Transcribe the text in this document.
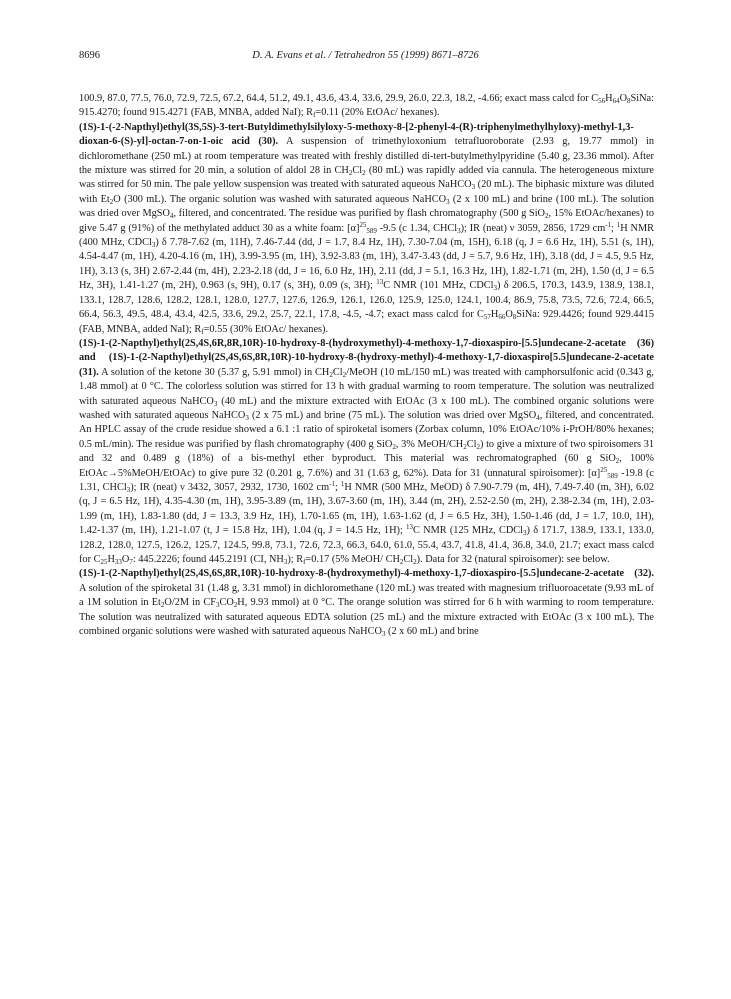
8696	D. A. Evans et al. / Tetrahedron 55 (1999) 8671–8726

100.9, 87.0, 77.5, 76.0, 72.9, 72.5, 67.2, 64.4, 51.2, 49.1, 43.6, 43.4, 33.6, 29.9, 26.0, 22.3, 18.2, -4.66; exact mass calcd for $C_{56}H_{64}O_8SiNa$: 915.4270; found 915.4271 (FAB, MNBA, added NaI); $R_f=0.11$ (20% EtOAc/ hexanes).

(1S)-1-(-2-Napthyl)ethyl(3S,5S)-3-tert-Butyldimethylsilyloxy-5-methoxy-8-[2-phenyl-4-(R)-triphenylmethylhyloxy)-methyl-1,3-dioxan-6-(S)-yl]-octan-7-on-1-oic acid (30). A suspension of trimethyloxonium tetrafluoroborate (2.93 g, 19.77 mmol) in dichloromethane (250 mL) at room temperature was treated with freshly distilled di-tert-butylmethylpyridine (5.40 g, 23.36 mmol). After the mixture was stirred for 20 min, a solution of aldol 28 in $CH_2Cl_2$ (80 mL) was rapidly added via cannula. The heterogeneous mixture was stirred for 50 min. The pale yellow suspension was treated with saturated aqueous NaHCO$_3$ (20 mL). The biphasic mixture was diluted with $Et_2O$ (300 mL). The organic solution was washed with saturated aqueous NaHCO$_3$ (2 x 100 mL) and brine (100 mL). The solution was dried over MgSO$_4$, filtered, and concentrated. The residue was purified by flash chromatography (500 g SiO$_2$, 15% EtOAc/hexanes) to give 5.47 g (91%) of the methylated adduct 30 as a white foam: $[\alpha]^{25}_{589}$ -9.5 (c 1.34, CHCl$_3$); IR (neat) ν 3059, 2856, 1729 $cm^{-1}$; $^1$H NMR (400 MHz, CDCl$_3$) δ 7.78-7.62 (m, 11H), 7.46-7.44 (dd, J = 1.7, 8.4 Hz, 1H), 7.30-7.04 (m, 15H), 6.18 (q, J = 6.6 Hz, 1H), 5.51 (s, 1H), 4.54-4.47 (m, 1H), 4.20-4.16 (m, 1H), 3.99-3.95 (m, 1H), 3.92-3.83 (m, 1H), 3.47-3.43 (dd, J = 5.7, 9.6 Hz, 1H), 3.18 (dd, J = 4.5, 9.5 Hz, 1H), 3.13 (s, 3H) 2.67-2.44 (m, 4H), 2.23-2.18 (dd, J = 16, 6.0 Hz, 1H), 2.11 (dd, J = 5.1, 16.3 Hz, 1H), 1.82-1.71 (m, 2H), 1.50 (d, J = 6.5 Hz, 3H), 1.41-1.27 (m, 2H), 0.963 (s, 9H), 0.17 (s, 3H), 0.09 (s, 3H); $^{13}$C NMR (101 MHz, CDCl$_3$) δ 206.5, 170.3, 143.9, 138.9, 138.1, 133.1, 128.7, 128.6, 128.2, 128.1, 128.0, 127.7, 127.6, 126.9, 126.1, 126.0, 125.9, 125.0, 124.1, 100.4, 86.9, 75.8, 73.5, 72.6, 72.4, 66.5, 66.4, 56.3, 49.5, 48.4, 43.4, 42.5, 33.6, 29.2, 25.7, 22.1, 17.8, -4.5, -4.7; exact mass calcd for $C_{57}H_{66}O_8SiNa$: 929.4426; found 929.4415 (FAB, MNBA, added NaI); $R_f=0.55$ (30% EtOAc/ hexanes).

(1S)-1-(2-Napthyl)ethyl(2S,4S,6R,8R,10R)-10-hydroxy-8-(hydroxymethyl)-4-methoxy-1,7-dioxaspiro-[5.5]undecane-2-acetate (36) and (1S)-1-(2-Napthyl)ethyl(2S,4S,6S,8R,10R)-10-hydroxy-8-(hydroxy-methyl)-4-methoxy-1,7-dioxaspiro[5.5]undecane-2-acetate (31). A solution of the ketone 30 (5.37 g, 5.91 mmol) in $CH_2Cl_2$/MeOH (10 mL/150 mL) was treated with camphorsulfonic acid (0.343 g, 1.48 mmol) at 0 °C. The colorless solution was stirred for 13 h with gradual warming to room temperature. The solution was neutralized with saturated aqueous NaHCO$_3$ (40 mL) and the mixture extracted with EtOAc (3 x 100 mL). The combined organic solutions were washed with saturated aqueous NaHCO$_3$ (2 x 75 mL) and brine (75 mL). The solution was dried over MgSO$_4$, filtered, and concentrated. An HPLC assay of the crude residue showed a 6.1 :1 ratio of spiroketal isomers (Zorbax column, 10% EtOAc/10% i-PrOH/80% hexanes; 0.5 mL/min). The residue was purified by flash chromatography (400 g SiO$_2$, 3% MeOH/$CH_2Cl_2$) to give a mixture of two spiroisomers 31 and 32 and 0.489 g (18%) of a bis-methyl ether byproduct. This material was rechromatographed (60 g SiO$_2$, 100% EtOAc→5%MeOH/EtOAc) to give pure 32 (0.201 g, 7.6%) and 31 (1.63 g, 62%). Data for 31 (unnatural spiroisomer): $[\alpha]^{25}_{589}$ -19.8 (c 1.31, CHCl$_3$); IR (neat) ν 3432, 3057, 2932, 1730, 1602 $cm^{-1}$; $^1$H NMR (500 MHz, MeOD) δ 7.90-7.79 (m, 4H), 7.49-7.40 (m, 3H), 6.02 (q, J = 6.5 Hz, 1H), 4.35-4.30 (m, 1H), 3.95-3.89 (m, 1H), 3.67-3.60 (m, 1H), 3.44 (m, 2H), 2.52-2.50 (m, 2H), 2.38-2.34 (m, 1H), 2.03-1.99 (m, 1H), 1.83-1.80 (dd, J = 13.3, 3.9 Hz, 1H), 1.70-1.65 (m, 1H), 1.63-1.62 (d, J = 6.5 Hz, 3H), 1.50-1.46 (dd, J = 1.7, 10.0, 1H), 1.42-1.37 (m, 1H), 1.21-1.07 (t, J = 15.8 Hz, 1H), 1.04 (q, J = 14.5 Hz, 1H); $^{13}$C NMR (125 MHz, CDCl$_3$) δ 171.7, 138.9, 133.1, 133.0, 128.2, 128.0, 127.5, 126.2, 125.7, 124.5, 99.8, 73.1, 72.6, 72.3, 66.3, 64.0, 61.0, 55.4, 43.7, 41.8, 41.4, 36.8, 34.0, 21.7; exact mass calcd for $C_{25}H_{33}O_7$: 445.2226; found 445.2191 (CI, $NH_3$); $R_f=0.17$ (5% MeOH/ $CH_2Cl_2$). Data for 32 (natural spiroisomer): see below.

(1S)-1-(2-Napthyl)ethyl(2S,4S,6S,8R,10R)-10-hydroxy-8-(hydroxymethyl)-4-methoxy-1,7-dioxaspiro-[5.5]undecane-2-acetate (32). A solution of the spiroketal 31 (1.48 g, 3.31 mmol) in dichloromethane (120 mL) was treated with magnesium trifluoroacetate (9.93 mL of a 1M solution in $Et_2O/2M$ in $CF_3CO_2H$, 9.93 mmol) at 0 °C. The orange solution was stirred for 6 h with warming to room temperature. The solution was neutralized with saturated aqueous EDTA solution (25 mL) and the mixture extracted with EtOAc (3 x 100 mL). The combined organic solutions were washed with saturated aqueous NaHCO$_3$ (2 x 60 mL) and brine
